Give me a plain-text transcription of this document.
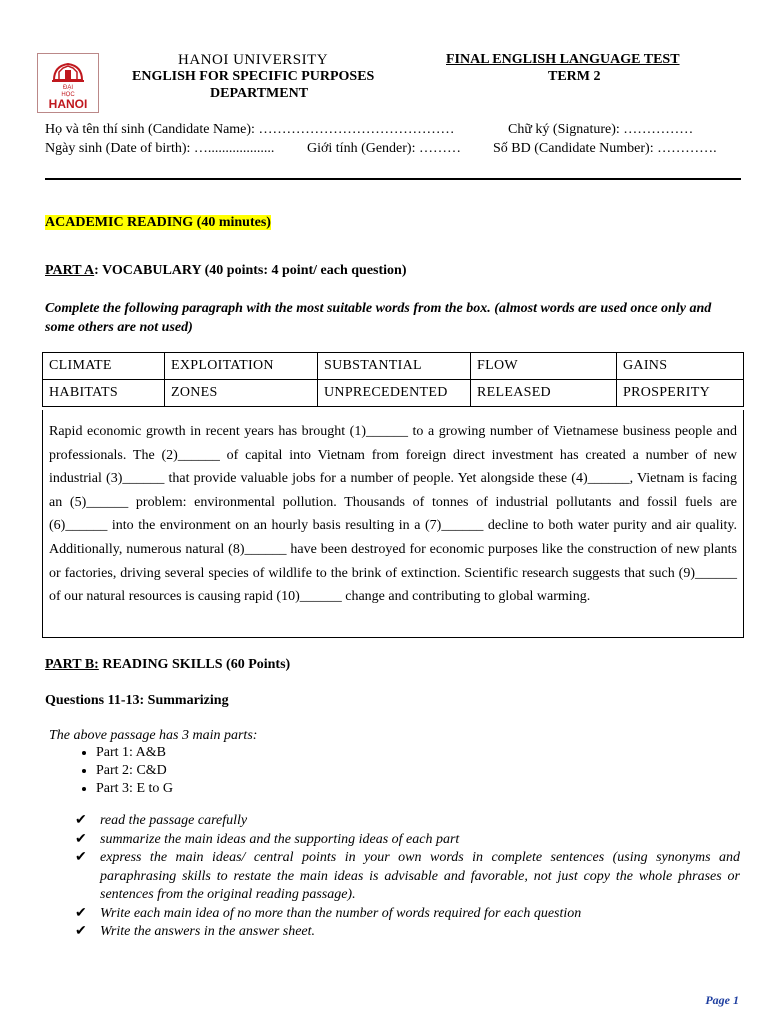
ĐẠI
HỌC
HANOI
HANOI UNIVERSITY
ENGLISH FOR SPECIFIC PURPOSES
DEPARTMENT
FINAL ENGLISH LANGUAGE TEST
TERM 2
Họ và tên thí sinh (Candidate Name): ……………………………………	Chữ ký (Signature): ……………
Ngày sinh (Date of birth): …................... Giới tính (Gender): ……… Số BD (Candidate Number): ………….
ACADEMIC READING (40 minutes)
PART A: VOCABULARY (40 points: 4 point/ each question)
Complete the following paragraph with the most suitable words from the box. (almost words are used once only and some others are not used)
CLIMATE	EXPLOITATION	SUBSTANTIAL	FLOW	GAINS
HABITATS	ZONES	UNPRECEDENTED	RELEASED	PROSPERITY
Rapid economic growth in recent years has brought (1)______ to a growing number of Vietnamese business people and professionals. The (2)______ of capital into Vietnam from foreign direct investment has created a number of new industrial (3)______ that provide valuable jobs for a number of people. Yet alongside these (4)______, Vietnam is facing an (5)______ problem: environmental pollution. Thousands of tonnes of industrial pollutants and fossil fuels are (6)______ into the environment on an hourly basis resulting in a (7)______ decline to both water purity and air quality. Additionally, numerous natural (8)______ have been destroyed for economic purposes like the construction of new plants or factories, driving several species of wildlife to the brink of extinction. Scientific research suggests that such (9)______ of our natural resources is causing rapid (10)______ change and contributing to global warming.
PART B: READING SKILLS (60 Points)
Questions 11-13: Summarizing
The above passage has 3 main parts:
• Part 1: A&B
• Part 2: C&D
• Part 3: E to G
✔ read the passage carefully
✔ summarize the main ideas and the supporting ideas of each part
✔ express the main ideas/ central points in your own words in complete sentences (using synonyms and paraphrasing skills to restate the main ideas is advisable and favorable, not just copy the whole phrases or sentences from the original reading passage).
✔ Write each main idea of no more than the number of words required for each question
✔ Write the answers in the answer sheet.
Page 1
